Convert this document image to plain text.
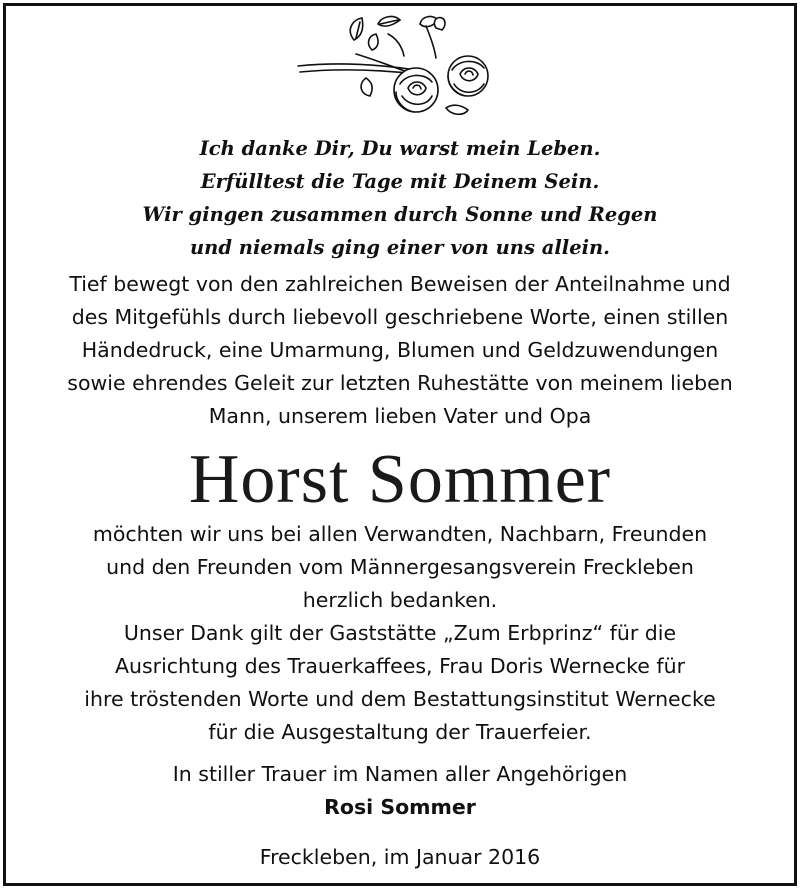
Ich danke Dir, Du warst mein Leben.
Erfülltest die Tage mit Deinem Sein.
Wir gingen zusammen durch Sonne und Regen
und niemals ging einer von uns allein.
Tief bewegt von den zahlreichen Beweisen der Anteilnahme und
des Mitgefühls durch liebevoll geschriebene Worte, einen stillen
Händedruck, eine Umarmung, Blumen und Geldzuwendungen
sowie ehrendes Geleit zur letzten Ruhestätte von meinem lieben
Mann, unserem lieben Vater und Opa
Horst Sommer
möchten wir uns bei allen Verwandten, Nachbarn, Freunden
und den Freunden vom Männergesangsverein Freckleben
herzlich bedanken.
Unser Dank gilt der Gaststätte „Zum Erbprinz“ für die
Ausrichtung des Trauerkaffees, Frau Doris Wernecke für
ihre tröstenden Worte und dem Bestattungsinstitut Wernecke
für die Ausgestaltung der Trauerfeier.
In stiller Trauer im Namen aller Angehörigen
Rosi Sommer
Freckleben, im Januar 2016
